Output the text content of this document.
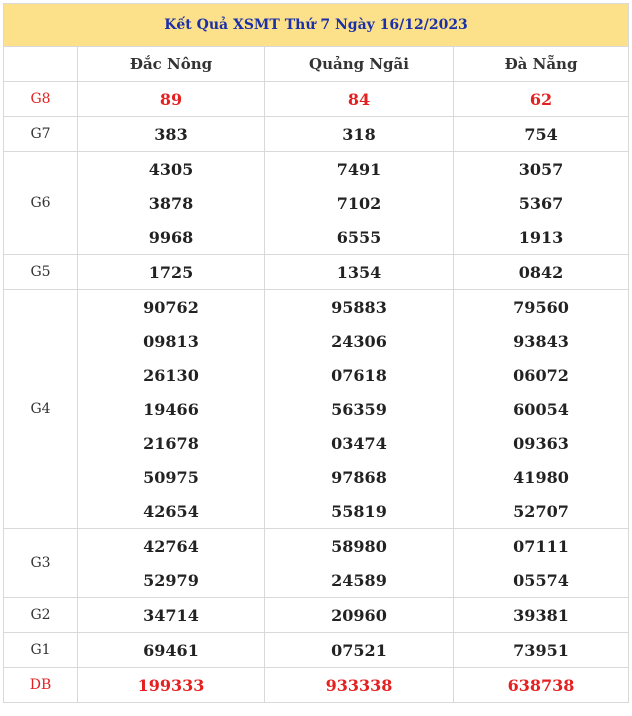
Kết Quả XSMT Thứ 7 Ngày 16/12/2023			
	Đắc Nông	Quảng Ngãi	Đà Nẵng
G8	89	84	62
G7	383	318	754
G6	4305	7491	3057
	3878	7102	5367
	9968	6555	1913
G5	1725	1354	0842
G4	90762	95883	79560
	09813	24306	93843
	26130	07618	06072
	19466	56359	60054
	21678	03474	09363
	50975	97868	41980
	42654	55819	52707
G3	42764	58980	07111
	52979	24589	05574
G2	34714	20960	39381
G1	69461	07521	73951
DB	199333	933338	638738
